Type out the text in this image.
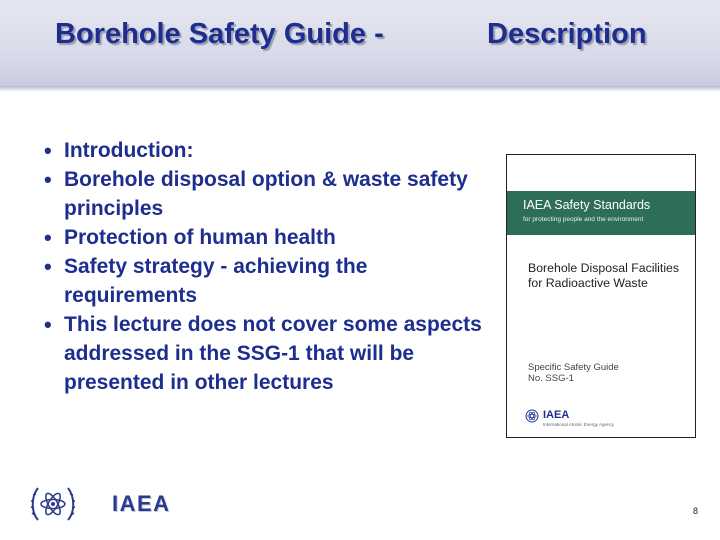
Borehole Safety Guide -	Description
• Introduction:
• Borehole disposal option & waste safety principles
• Protection of human health
• Safety strategy - achieving the requirements
• This lecture does not cover some aspects addressed in the SSG-1 that will be presented in other lectures
IAEA Safety Standards
for protecting people and the environment
Borehole Disposal Facilities for Radioactive Waste
Specific Safety Guide
No. SSG-1
IAEA
International Atomic Energy Agency
IAEA	8
